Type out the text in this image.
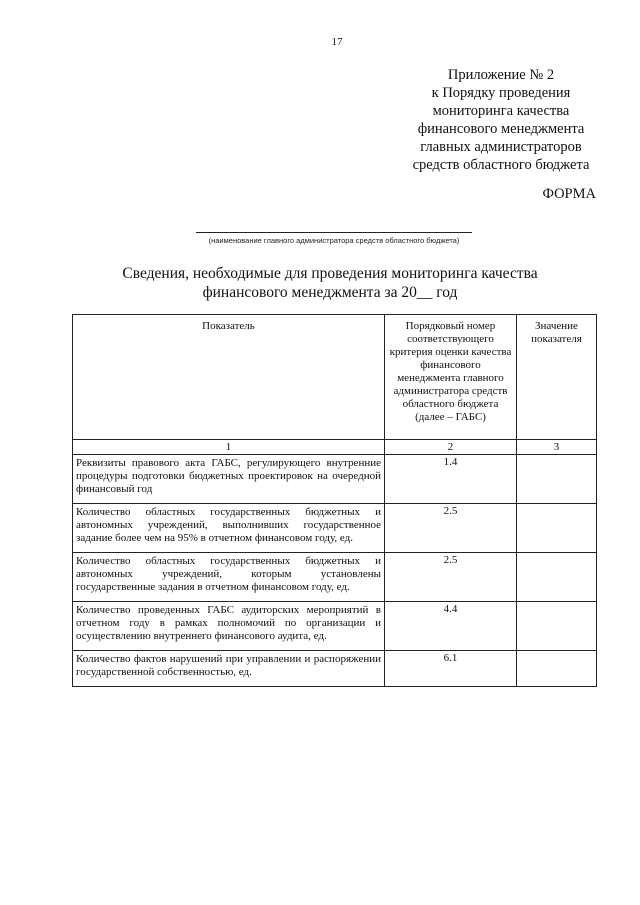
17
Приложение № 2
к Порядку проведения
мониторинга качества
финансового менеджмента
главных администраторов
средств областного бюджета
ФОРМА
(наименование главного администратора средств областного бюджета)
Сведения, необходимые для проведения мониторинга качества
финансового менеджмента за 20__ год
Показатель	Порядковый номер соответствующего критерия оценки качества финансового менеджмента главного администратора средств областного бюджета (далее – ГАБС)	Значение показателя
1	2	3
Реквизиты правового акта ГАБС, регулирующего внутренние процедуры подготовки бюджетных проектировок на очередной финансовый год	1.4	
Количество областных государственных бюджетных и автономных учреждений, выполнивших государственное задание более чем на 95% в отчетном финансовом году, ед.	2.5	
Количество областных государственных бюджетных и автономных учреждений, которым установлены государственные задания в отчетном финансовом году, ед.	2.5	
Количество проведенных ГАБС аудиторских мероприятий в отчетном году в рамках полномочий по организации и осуществлению внутреннего финансового аудита, ед.	4.4	
Количество фактов нарушений при управлении и распоряжении государственной собственностью, ед.	6.1	
